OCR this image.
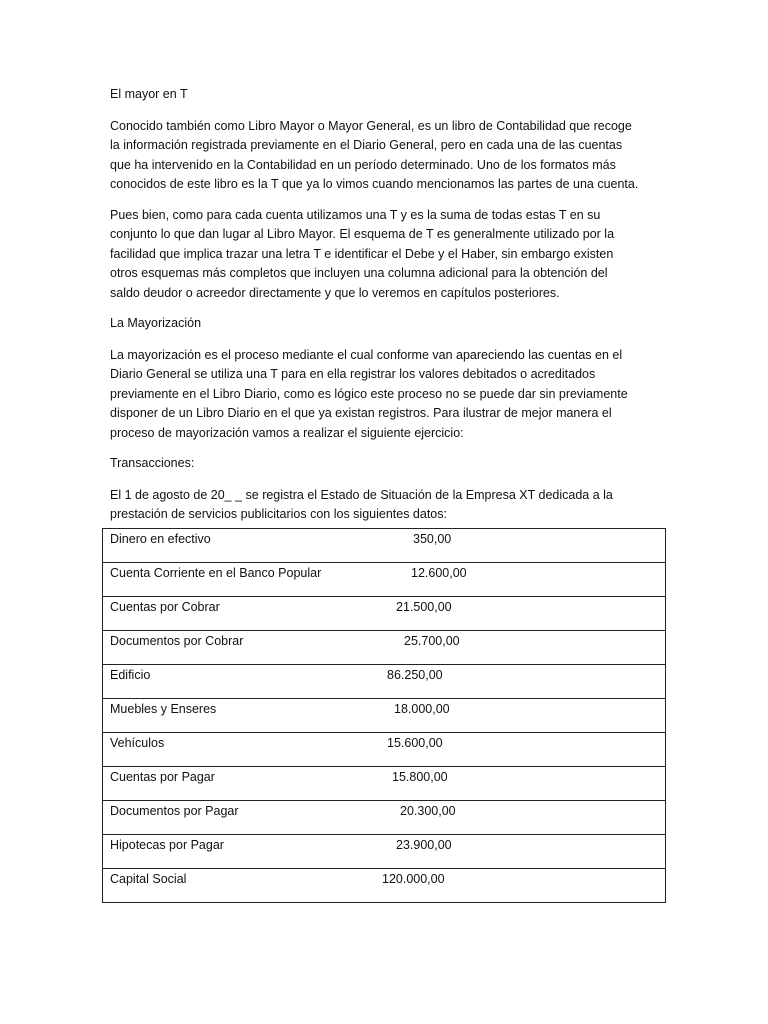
El mayor en T
Conocido también como Libro Mayor o Mayor General, es un libro de Contabilidad que recoge
la información registrada previamente en el Diario General, pero en cada una de las cuentas
que ha intervenido en la Contabilidad en un período determinado. Uno de los formatos más
conocidos de este libro es la T que ya lo vimos cuando mencionamos las partes de una cuenta.
Pues bien, como para cada cuenta utilizamos una T y es la suma de todas estas T en su
conjunto lo que dan lugar al Libro Mayor. El esquema de T es generalmente utilizado por la
facilidad que implica trazar una letra T e identificar el Debe y el Haber, sin embargo existen
otros esquemas más completos que incluyen una columna adicional para la obtención del
saldo deudor o acreedor directamente y que lo veremos en capítulos posteriores.
La Mayorización
La mayorización es el proceso mediante el cual conforme van apareciendo las cuentas en el
Diario General se utiliza una T para en ella registrar los valores debitados o acreditados
previamente en el Libro Diario, como es lógico este proceso no se puede dar sin previamente
disponer de un Libro Diario en el que ya existan registros. Para ilustrar de mejor manera el
proceso de mayorización vamos a realizar el siguiente ejercicio:
Transacciones:
El 1 de agosto de 20_ _ se registra el Estado de Situación de la Empresa XT dedicada a la
prestación de servicios publicitarios con los siguientes datos:
Dinero en efectivo	350,00

Cuenta Corriente en el Banco Popular	12.600,00

Cuentas por Cobrar	21.500,00

Documentos por Cobrar	25.700,00

Edificio	86.250,00

Muebles y Enseres	18.000,00

Vehículos	15.600,00

Cuentas por Pagar	15.800,00

Documentos por Pagar	20.300,00

Hipotecas por Pagar	23.900,00

Capital Social	120.000,00
